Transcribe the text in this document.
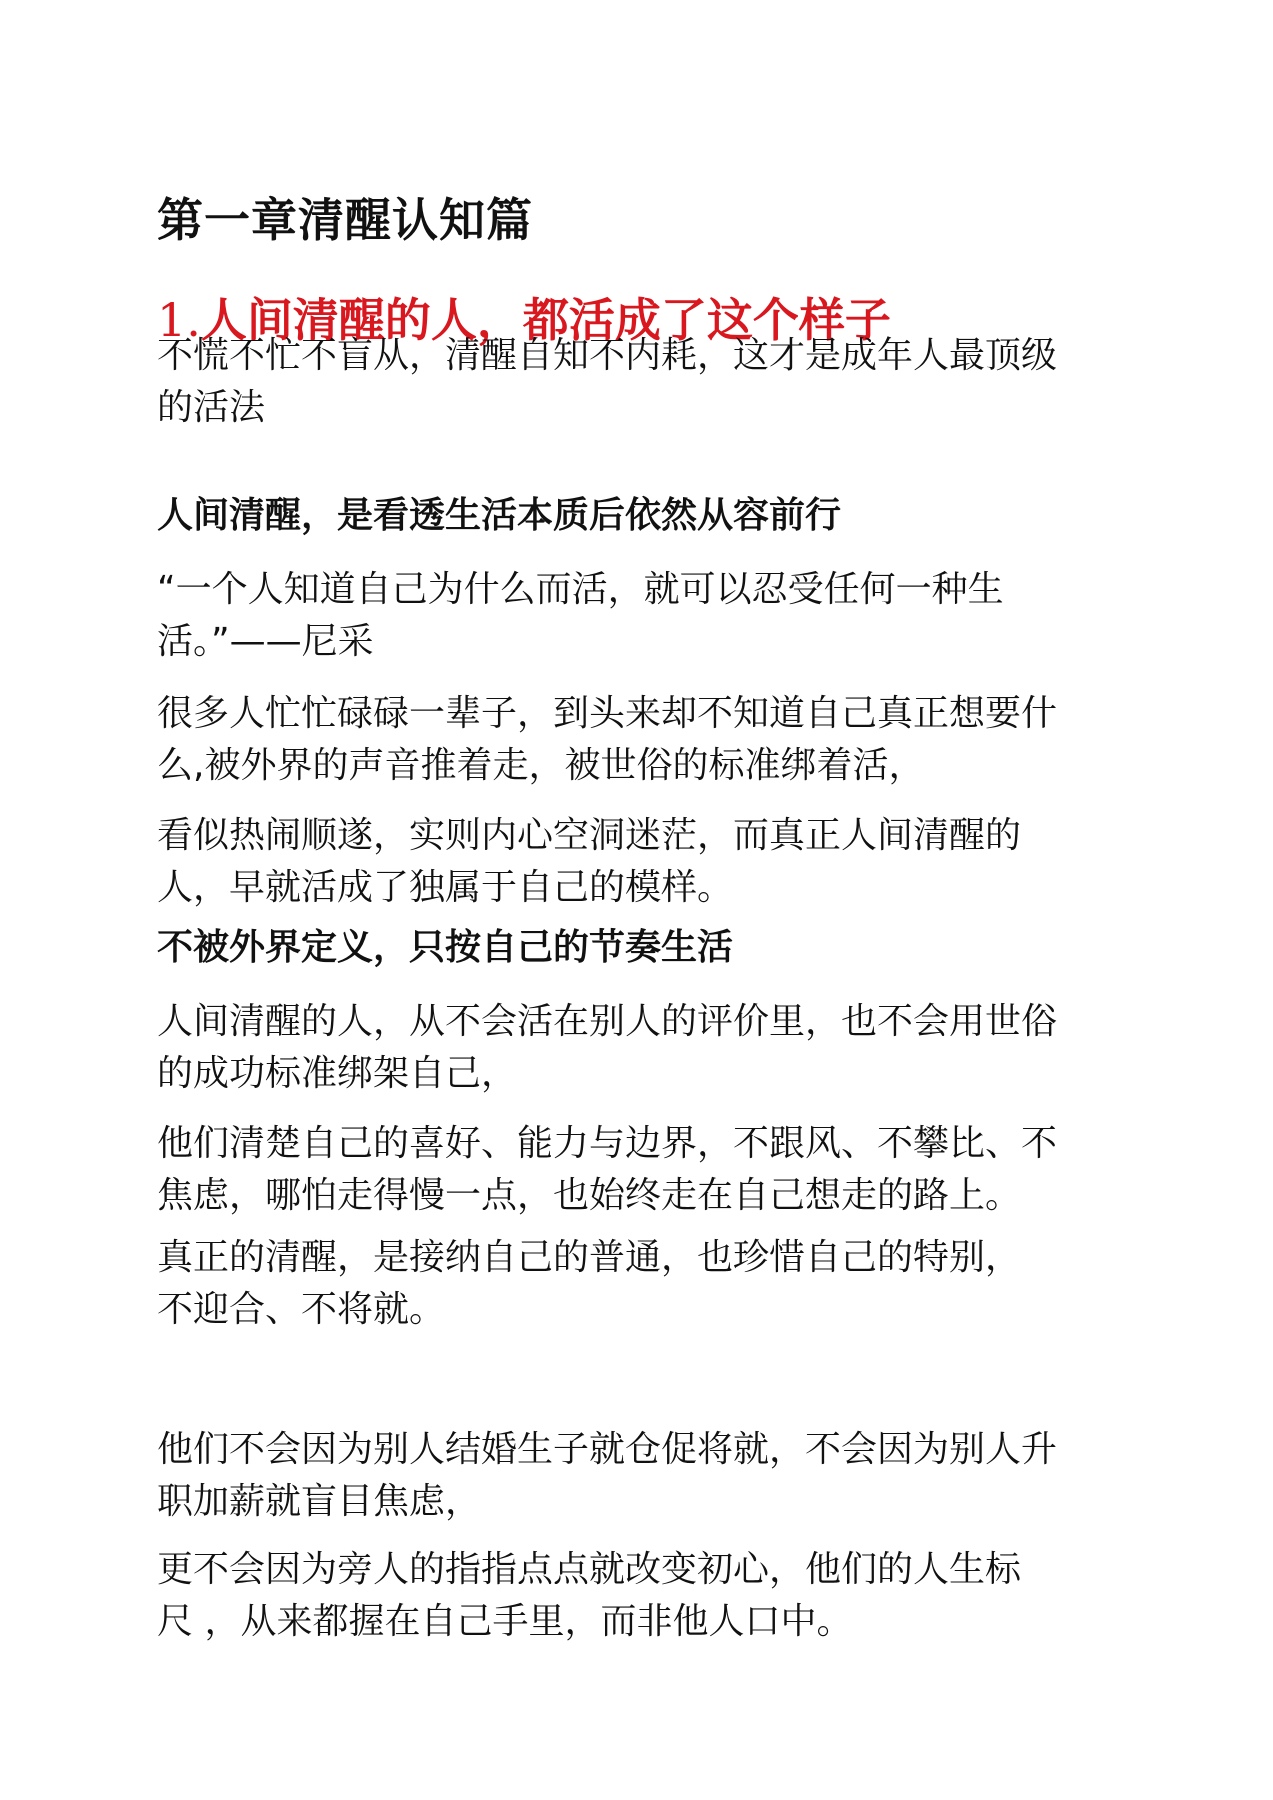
第一章清醒认知篇
1.人间清醒的人，都活成了这个样子

不慌不忙不盲从，清醒自知不内耗，这才是成年人最顶级
的活法

人间清醒，是看透生活本质后依然从容前行

“一个人知道自己为什么而活，就可以忍受任何一种生
活。”——尼采

很多人忙忙碌碌一辈子，到头来却不知道自己真正想要什
么,被外界的声音推着走，被世俗的标准绑着活，

看似热闹顺遂，实则内心空洞迷茫，而真正人间清醒的
人，早就活成了独属于自己的模样。

不被外界定义，只按自己的节奏生活

人间清醒的人，从不会活在别人的评价里，也不会用世俗
的成功标准绑架自己，

他们清楚自己的喜好、能力与边界，不跟风、不攀比、不
焦虑，哪怕走得慢一点，也始终走在自己想走的路上。

真正的清醒，是接纳自己的普通，也珍惜自己的特别，
不迎合、不将就。

他们不会因为别人结婚生子就仓促将就，不会因为别人升
职加薪就盲目焦虑，

更不会因为旁人的指指点点就改变初心，他们的人生标
尺 ，从来都握在自己手里，而非他人口中。
